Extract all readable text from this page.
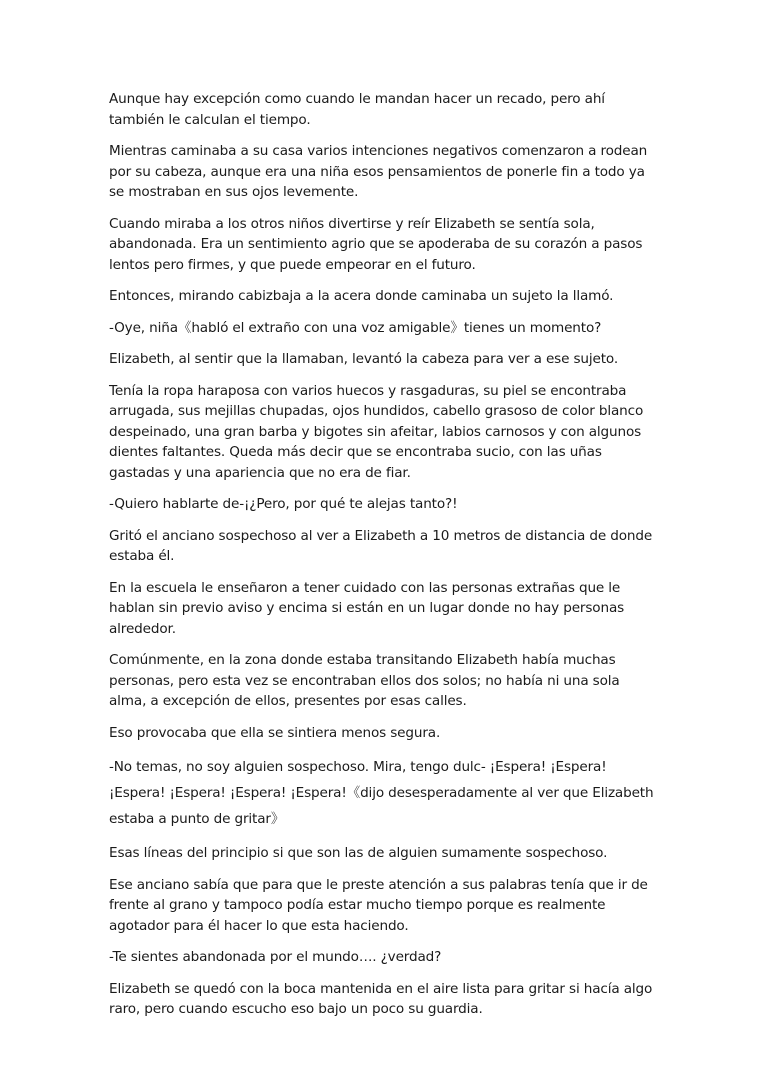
Aunque hay excepción como cuando le mandan hacer un recado, pero ahí también le calculan el tiempo.

Mientras caminaba a su casa varios intenciones negativos comenzaron a rodean por su cabeza, aunque era una niña esos pensamientos de ponerle fin a todo ya se mostraban en sus ojos levemente.

Cuando miraba a los otros niños divertirse y reír Elizabeth se sentía sola, abandonada. Era un sentimiento agrio que se apoderaba de su corazón a pasos lentos pero firmes, y que puede empeorar en el futuro.

Entonces, mirando cabizbaja a la acera donde caminaba un sujeto la llamó.

-Oye, niña《habló el extraño con una voz amigable》tienes un momento?

Elizabeth, al sentir que la llamaban, levantó la cabeza para ver a ese sujeto.

Tenía la ropa haraposa con varios huecos y rasgaduras, su piel se encontraba arrugada, sus mejillas chupadas, ojos hundidos, cabello grasoso de color blanco despeinado, una gran barba y bigotes sin afeitar, labios carnosos y con algunos dientes faltantes. Queda más decir que se encontraba sucio, con las uñas gastadas y una apariencia que no era de fiar.

-Quiero hablarte de-¡¿Pero, por qué te alejas tanto?!

Gritó el anciano sospechoso al ver a Elizabeth a 10 metros de distancia de donde estaba él.

En la escuela le enseñaron a tener cuidado con las personas extrañas que le hablan sin previo aviso y encima si están en un lugar donde no hay personas alrededor.

Comúnmente, en la zona donde estaba transitando Elizabeth había muchas personas, pero esta vez se encontraban ellos dos solos; no había ni una sola alma, a excepción de ellos, presentes por esas calles.

Eso provocaba que ella se sintiera menos segura.

-No temas, no soy alguien sospechoso. Mira, tengo dulc- ¡Espera! ¡Espera! ¡Espera! ¡Espera! ¡Espera! ¡Espera!《dijo desesperadamente al ver que Elizabeth estaba a punto de gritar》

Esas líneas del principio si que son las de alguien sumamente sospechoso.

Ese anciano sabía que para que le preste atención a sus palabras tenía que ir de frente al grano y tampoco podía estar mucho tiempo porque es realmente agotador para él hacer lo que esta haciendo.

-Te sientes abandonada por el mundo…. ¿verdad?

Elizabeth se quedó con la boca mantenida en el aire lista para gritar si hacía algo raro, pero cuando escucho eso bajo un poco su guardia.
